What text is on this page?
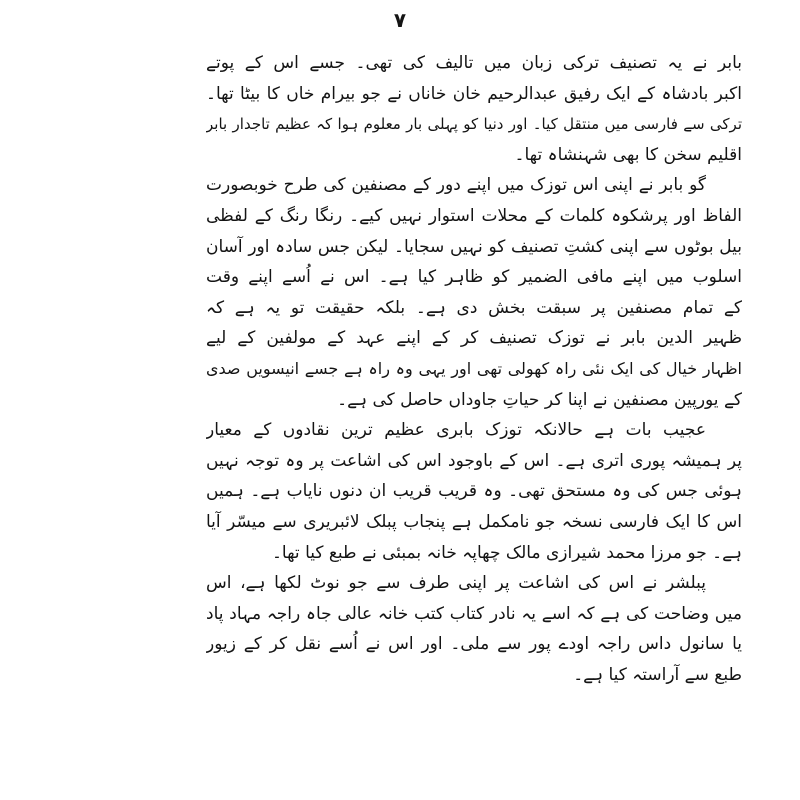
۷
بابر نے یہ تصنیف ترکی زبان میں تالیف کی تھی۔ جسے اس کے پوتے
اکبر بادشاہ کے ایک رفیق عبدالرحیم خان خاناں نے جو بیرام خاں کا بیٹا تھا۔
ترکی سے فارسی میں منتقل کیا۔ اور دنیا کو پہلی بار معلوم ہوا کہ عظیم تاجدار بابر
اقلیم سخن کا بھی شہنشاہ تھا۔
گو بابر نے اپنی اس توزک میں اپنے دور کے مصنفین کی طرح خوبصورت
الفاظ اور پرشکوہ کلمات کے محلات استوار نہیں کیے۔ رنگا رنگ کے لفظی
بیل بوٹوں سے اپنی کشتِ تصنیف کو نہیں سجایا۔ لیکن جس سادہ اور آسان
اسلوب میں اپنے مافی الضمیر کو ظاہر کیا ہے۔ اس نے اُسے اپنے وقت
کے تمام مصنفین پر سبقت بخش دی ہے۔ بلکہ حقیقت تو یہ ہے کہ
ظہیر الدین بابر نے توزک تصنیف کر کے اپنے عہد کے مولفین کے لیے
اظہار خیال کی ایک نئی راہ کھولی تھی اور یہی وہ راہ ہے جسے انیسویں صدی
کے یورپین مصنفین نے اپنا کر حیاتِ جاوداں حاصل کی ہے۔
عجیب بات ہے حالانکہ توزک بابری عظیم ترین نقادوں کے معیار
پر ہمیشہ پوری اتری ہے۔ اس کے باوجود اس کی اشاعت پر وہ توجہ نہیں
ہوئی جس کی وہ مستحق تھی۔ وہ قریب قریب ان دنوں نایاب ہے۔ ہمیں
اس کا ایک فارسی نسخہ جو نامکمل ہے پنجاب پبلک لائبریری سے میسّر آیا
ہے۔ جو مرزا محمد شیرازی مالک چھاپہ خانہ بمبئی نے طبع کیا تھا۔
پبلشر نے اس کی اشاعت پر اپنی طرف سے جو نوٹ لکھا ہے، اس
میں وضاحت کی ہے کہ اسے یہ نادر کتاب کتب خانہ عالی جاہ راجہ مہاد پاد
یا سانول داس راجہ اودے پور سے ملی۔ اور اس نے اُسے نقل کر کے زیور
طبع سے آراستہ کیا ہے۔
